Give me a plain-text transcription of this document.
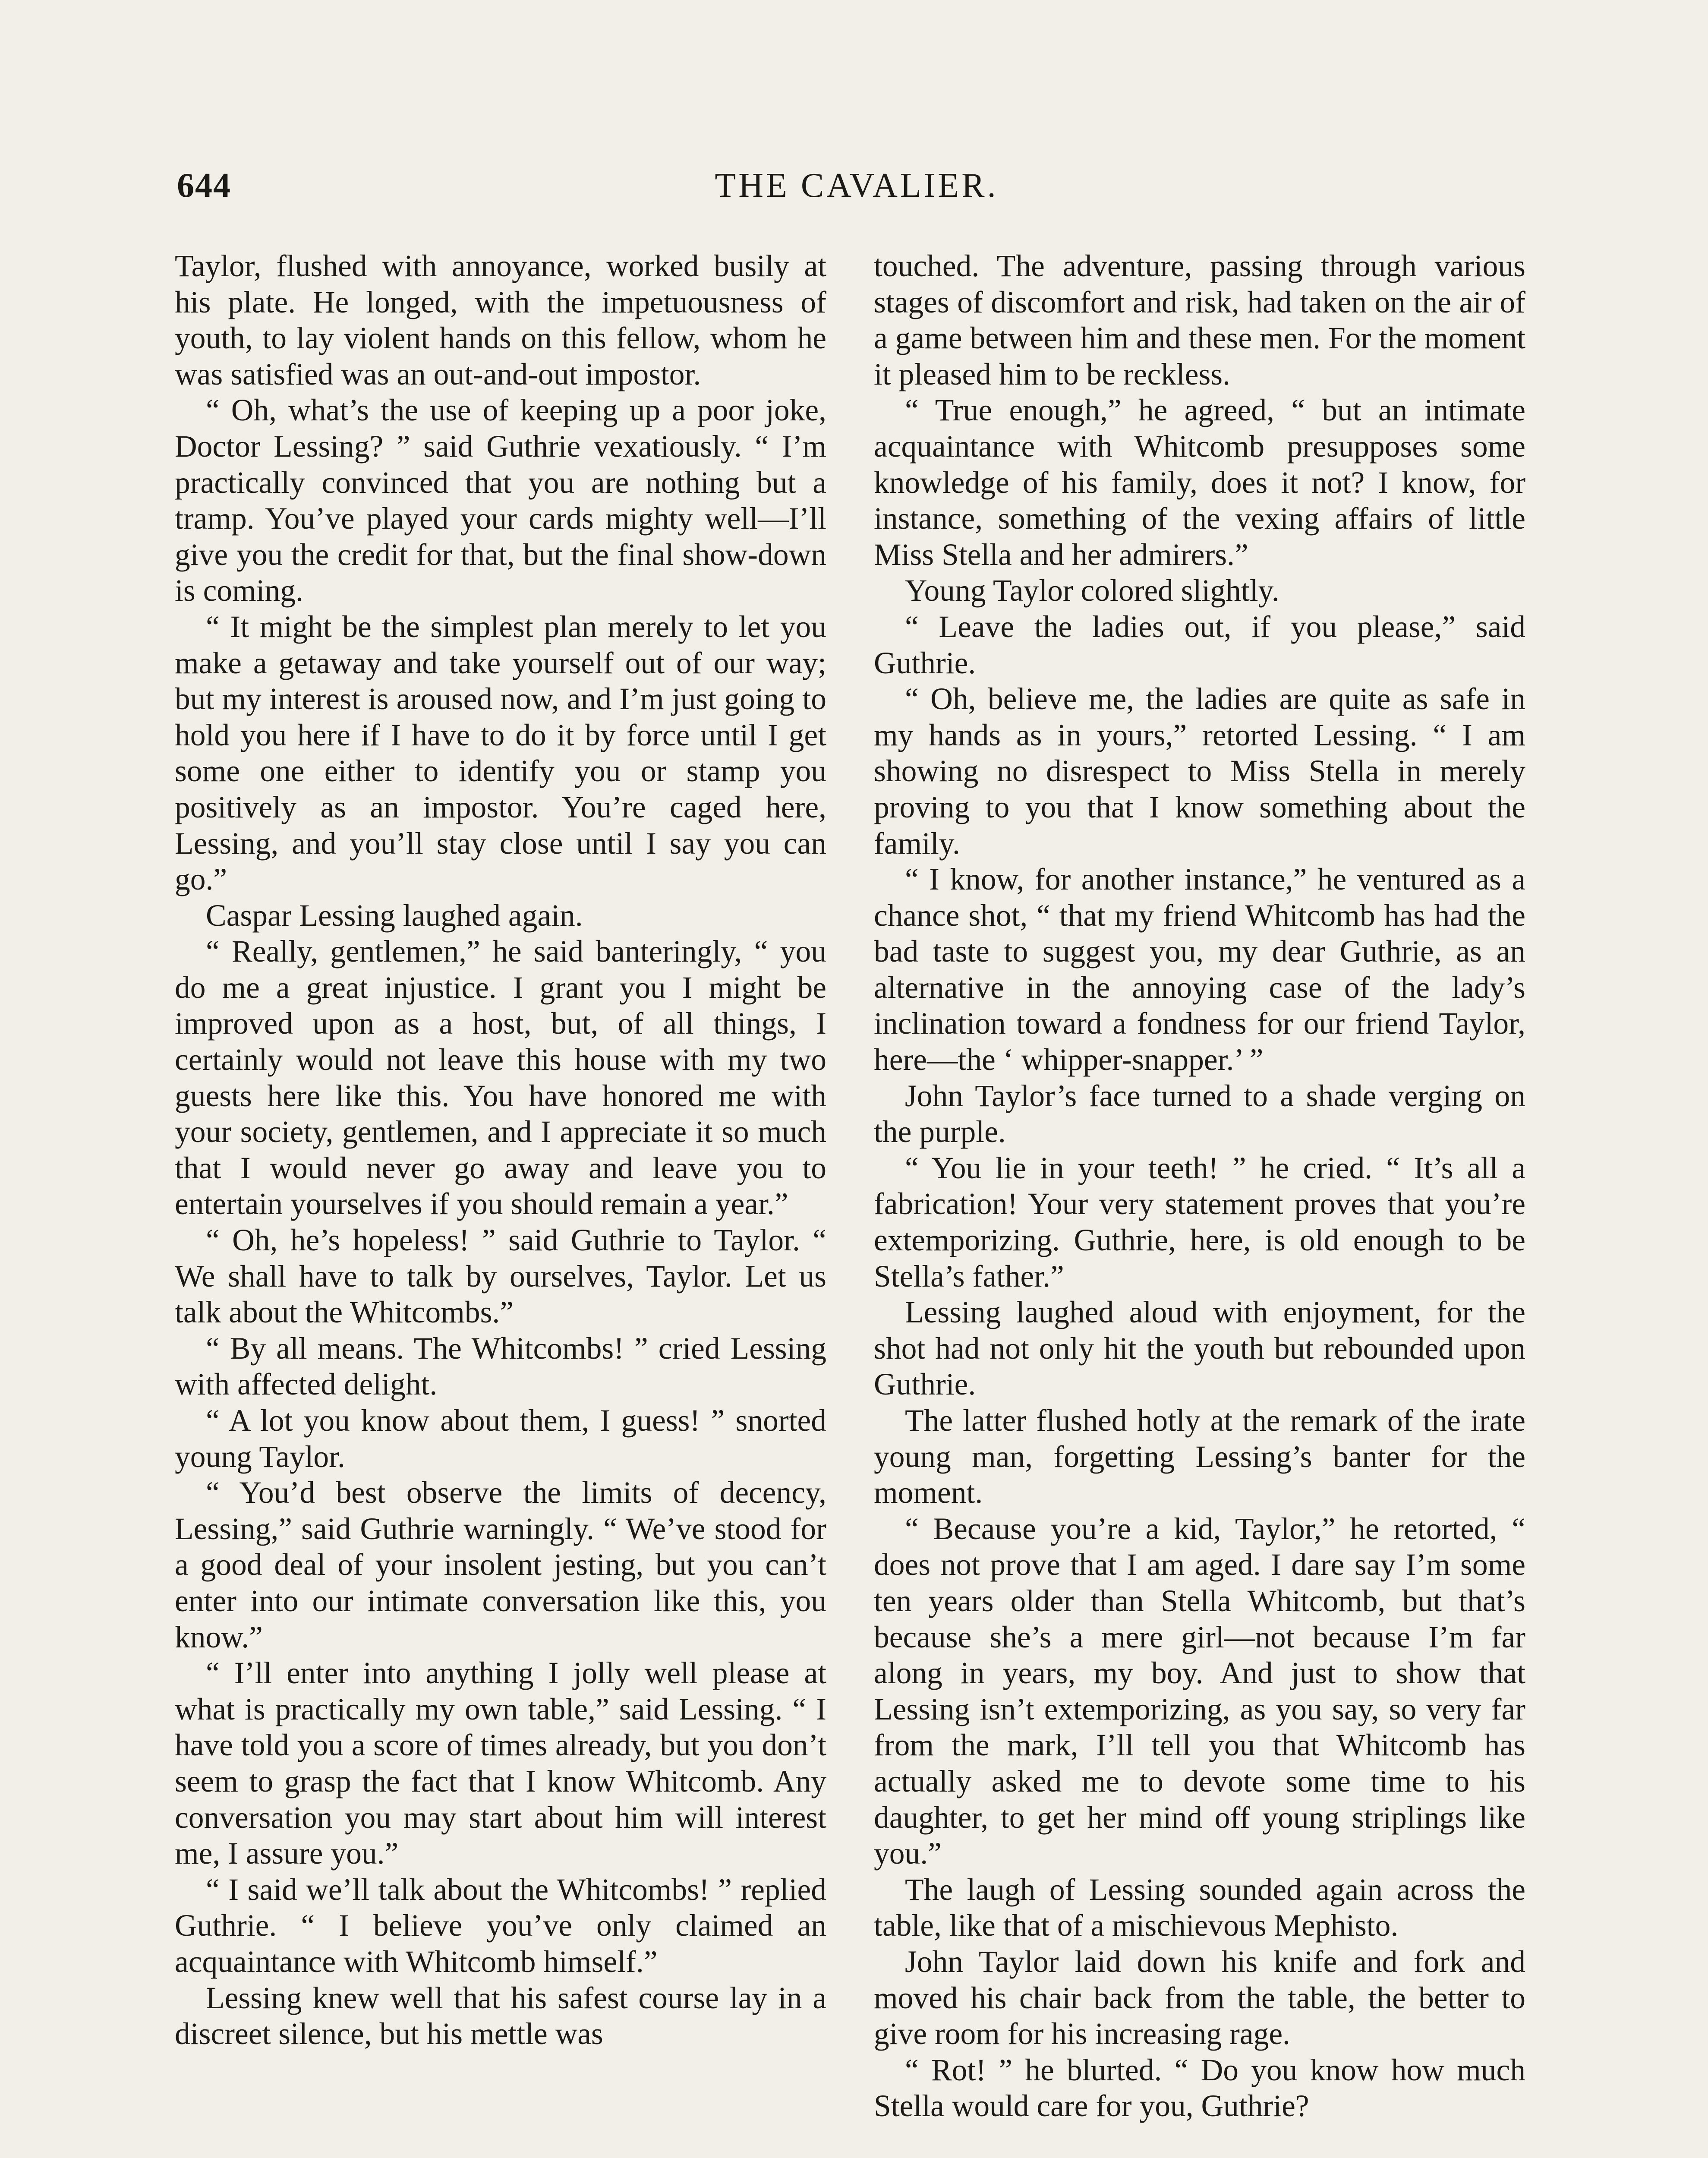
644	THE CAVALIER.

Taylor, flushed with annoyance, worked busily at his plate. He longed, with the impetuousness of youth, to lay violent hands on this fellow, whom he was satisfied was an out-and-out impostor.

“ Oh, what’s the use of keeping up a poor joke, Doctor Lessing? ” said Guthrie vexatiously. “ I’m practically convinced that you are nothing but a tramp. You’ve played your cards mighty well—I’ll give you the credit for that, but the final show-down is coming.

“ It might be the simplest plan merely to let you make a getaway and take yourself out of our way; but my interest is aroused now, and I’m just going to hold you here if I have to do it by force until I get some one either to identify you or stamp you positively as an impostor. You’re caged here, Lessing, and you’ll stay close until I say you can go.”

Caspar Lessing laughed again.

“ Really, gentlemen,” he said banteringly, “ you do me a great injustice. I grant you I might be improved upon as a host, but, of all things, I certainly would not leave this house with my two guests here like this. You have honored me with your society, gentlemen, and I appreciate it so much that I would never go away and leave you to entertain yourselves if you should remain a year.”

“ Oh, he’s hopeless! ” said Guthrie to Taylor. “ We shall have to talk by ourselves, Taylor. Let us talk about the Whitcombs.”

“ By all means. The Whitcombs! ” cried Lessing with affected delight.

“ A lot you know about them, I guess! ” snorted young Taylor.

“ You’d best observe the limits of decency, Lessing,” said Guthrie warningly. “ We’ve stood for a good deal of your insolent jesting, but you can’t enter into our intimate conversation like this, you know.”

“ I’ll enter into anything I jolly well please at what is practically my own table,” said Lessing. “ I have told you a score of times already, but you don’t seem to grasp the fact that I know Whitcomb. Any conversation you may start about him will interest me, I assure you.”

“ I said we’ll talk about the Whitcombs! ” replied Guthrie. “ I believe you’ve only claimed an acquaintance with Whitcomb himself.”

Lessing knew well that his safest course lay in a discreet silence, but his mettle was

touched. The adventure, passing through various stages of discomfort and risk, had taken on the air of a game between him and these men. For the moment it pleased him to be reckless.

“ True enough,” he agreed, “ but an intimate acquaintance with Whitcomb presupposes some knowledge of his family, does it not? I know, for instance, something of the vexing affairs of little Miss Stella and her admirers.”

Young Taylor colored slightly.

“ Leave the ladies out, if you please,” said Guthrie.

“ Oh, believe me, the ladies are quite as safe in my hands as in yours,” retorted Lessing. “ I am showing no disrespect to Miss Stella in merely proving to you that I know something about the family.

“ I know, for another instance,” he ventured as a chance shot, “ that my friend Whitcomb has had the bad taste to suggest you, my dear Guthrie, as an alternative in the annoying case of the lady’s inclination toward a fondness for our friend Taylor, here—the ‘ whipper-snapper.’ ”

John Taylor’s face turned to a shade verging on the purple.

“ You lie in your teeth! ” he cried. “ It’s all a fabrication! Your very statement proves that you’re extemporizing. Guthrie, here, is old enough to be Stella’s father.”

Lessing laughed aloud with enjoyment, for the shot had not only hit the youth but rebounded upon Guthrie.

The latter flushed hotly at the remark of the irate young man, forgetting Lessing’s banter for the moment.

“ Because you’re a kid, Taylor,” he retorted, “ does not prove that I am aged. I dare say I’m some ten years older than Stella Whitcomb, but that’s because she’s a mere girl—not because I’m far along in years, my boy. And just to show that Lessing isn’t extemporizing, as you say, so very far from the mark, I’ll tell you that Whitcomb has actually asked me to devote some time to his daughter, to get her mind off young striplings like you.”

The laugh of Lessing sounded again across the table, like that of a mischievous Mephisto.

John Taylor laid down his knife and fork and moved his chair back from the table, the better to give room for his increasing rage.

“ Rot! ” he blurted. “ Do you know how much Stella would care for you, Guthrie?
